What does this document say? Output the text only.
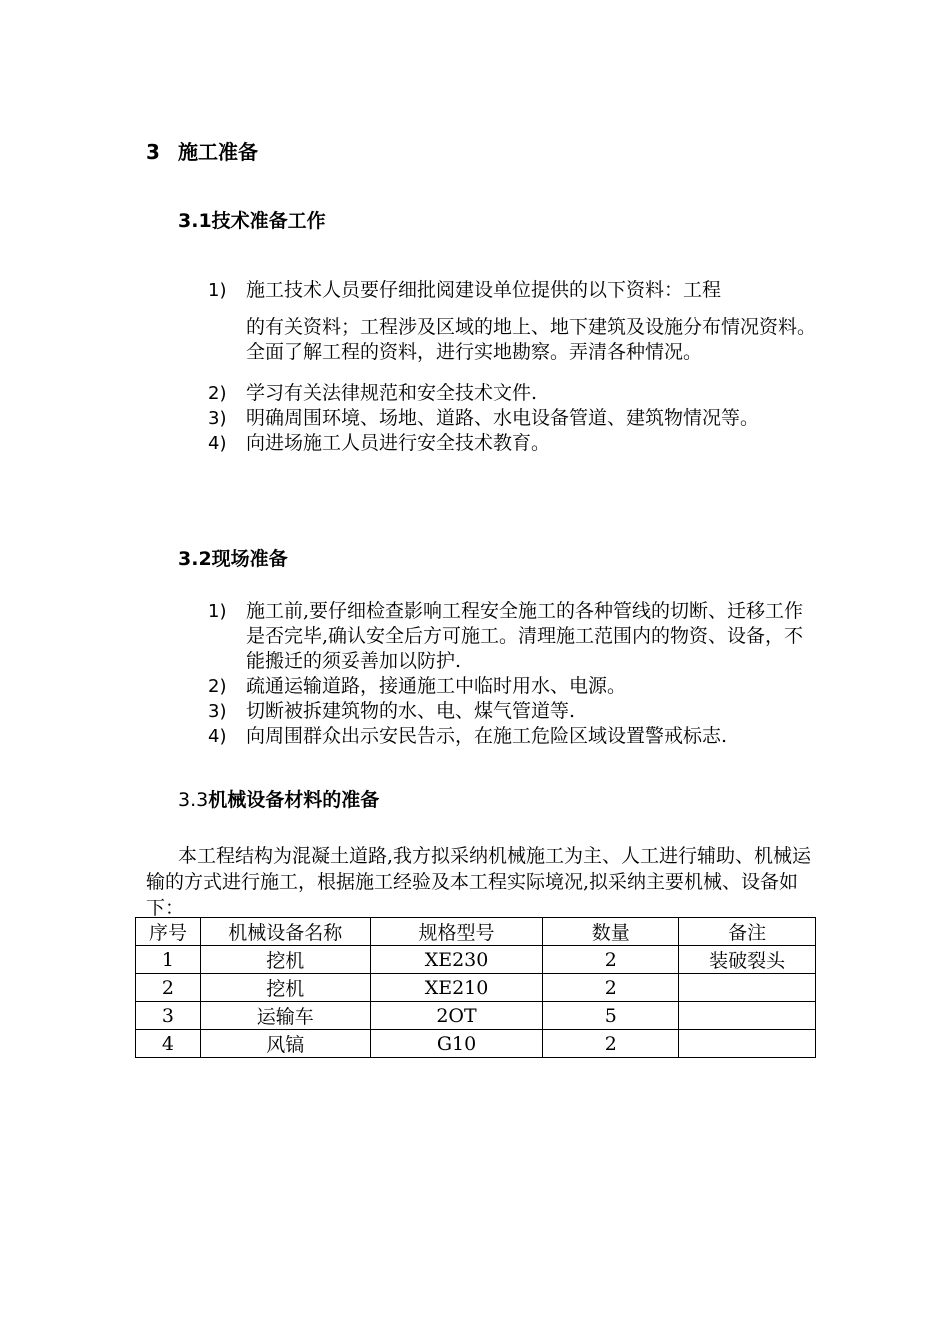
3 施工准备
3.1技术准备工作
1)	施工技术人员要仔细批阅建设单位提供的以下资料：工程
的有关资料；工程涉及区域的地上、地下建筑及设施分布情况资料。全面了解工程的资料，进行实地勘察。弄清各种情况。
2)	学习有关法律规范和安全技术文件.
3)	明确周围环境、场地、道路、水电设备管道、建筑物情况等。
4)	向进场施工人员进行安全技术教育。
3.2现场准备
1)	施工前,要仔细检查影响工程安全施工的各种管线的切断、迁移工作是否完毕,确认安全后方可施工。清理施工范围内的物资、设备，不能搬迁的须妥善加以防护.
2)	疏通运输道路，接通施工中临时用水、电源。
3)	切断被拆建筑物的水、电、煤气管道等.
4)	向周围群众出示安民告示，在施工危险区域设置警戒标志.
3.3机械设备材料的准备
本工程结构为混凝土道路,我方拟采纳机械施工为主、人工进行辅助、机械运输的方式进行施工，根据施工经验及本工程实际境况,拟采纳主要机械、设备如下：
序号	机械设备名称	规格型号	数量	备注
1	挖机	XE230	2	装破裂头
2	挖机	XE210	2	
3	运输车	2OT	5	
4	风镐	G10	2	
